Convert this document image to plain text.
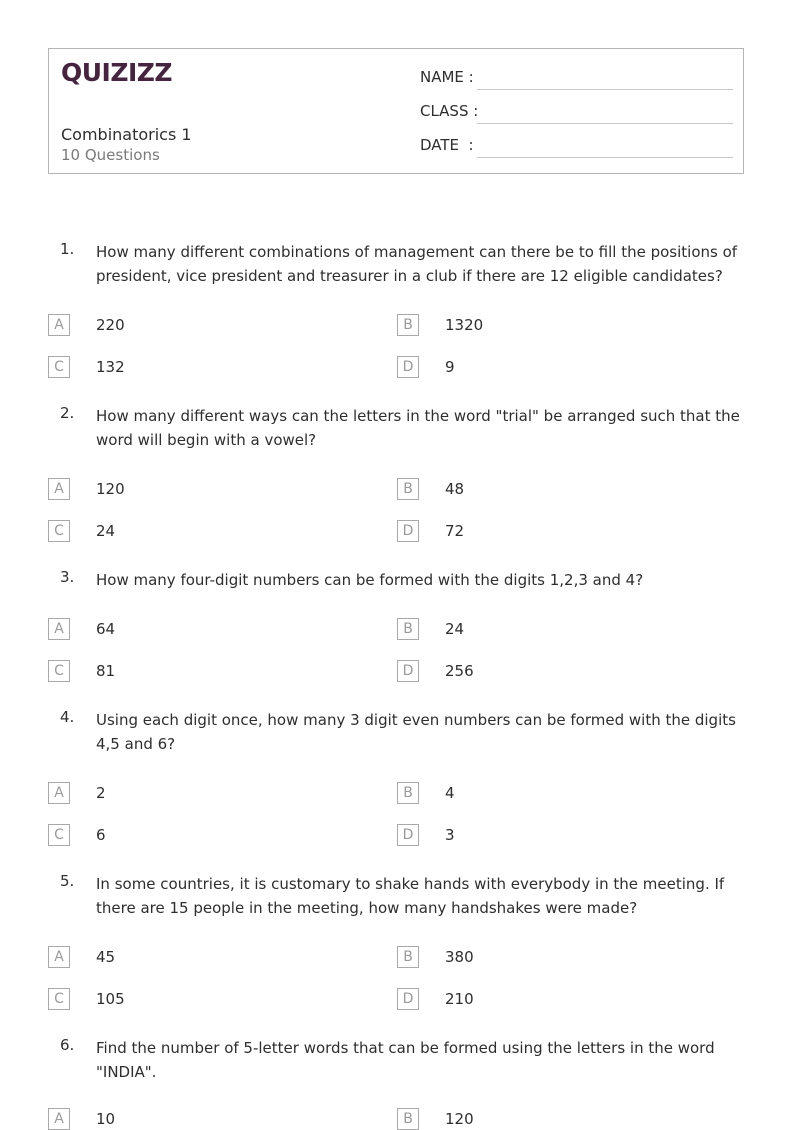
QUIZIZZ
Combinatorics 1
10 Questions
NAME :
CLASS :
DATE  :
1. How many different combinations of management can there be to fill the positions of president, vice president and treasurer in a club if there are 12 eligible candidates?
A	220	B	1320
C	132	D	9
2. How many different ways can the letters in the word "trial" be arranged such that the word will begin with a vowel?
A	120	B	48
C	24	D	72
3. How many four-digit numbers can be formed with the digits 1,2,3 and 4?
A	64	B	24
C	81	D	256
4. Using each digit once, how many 3 digit even numbers can be formed with the digits 4,5 and 6?
A	2	B	4
C	6	D	3
5. In some countries, it is customary to shake hands with everybody in the meeting. If there are 15 people in the meeting, how many handshakes were made?
A	45	B	380
C	105	D	210
6. Find the number of 5-letter words that can be formed using the letters in the word "INDIA".
A	10	B	120
